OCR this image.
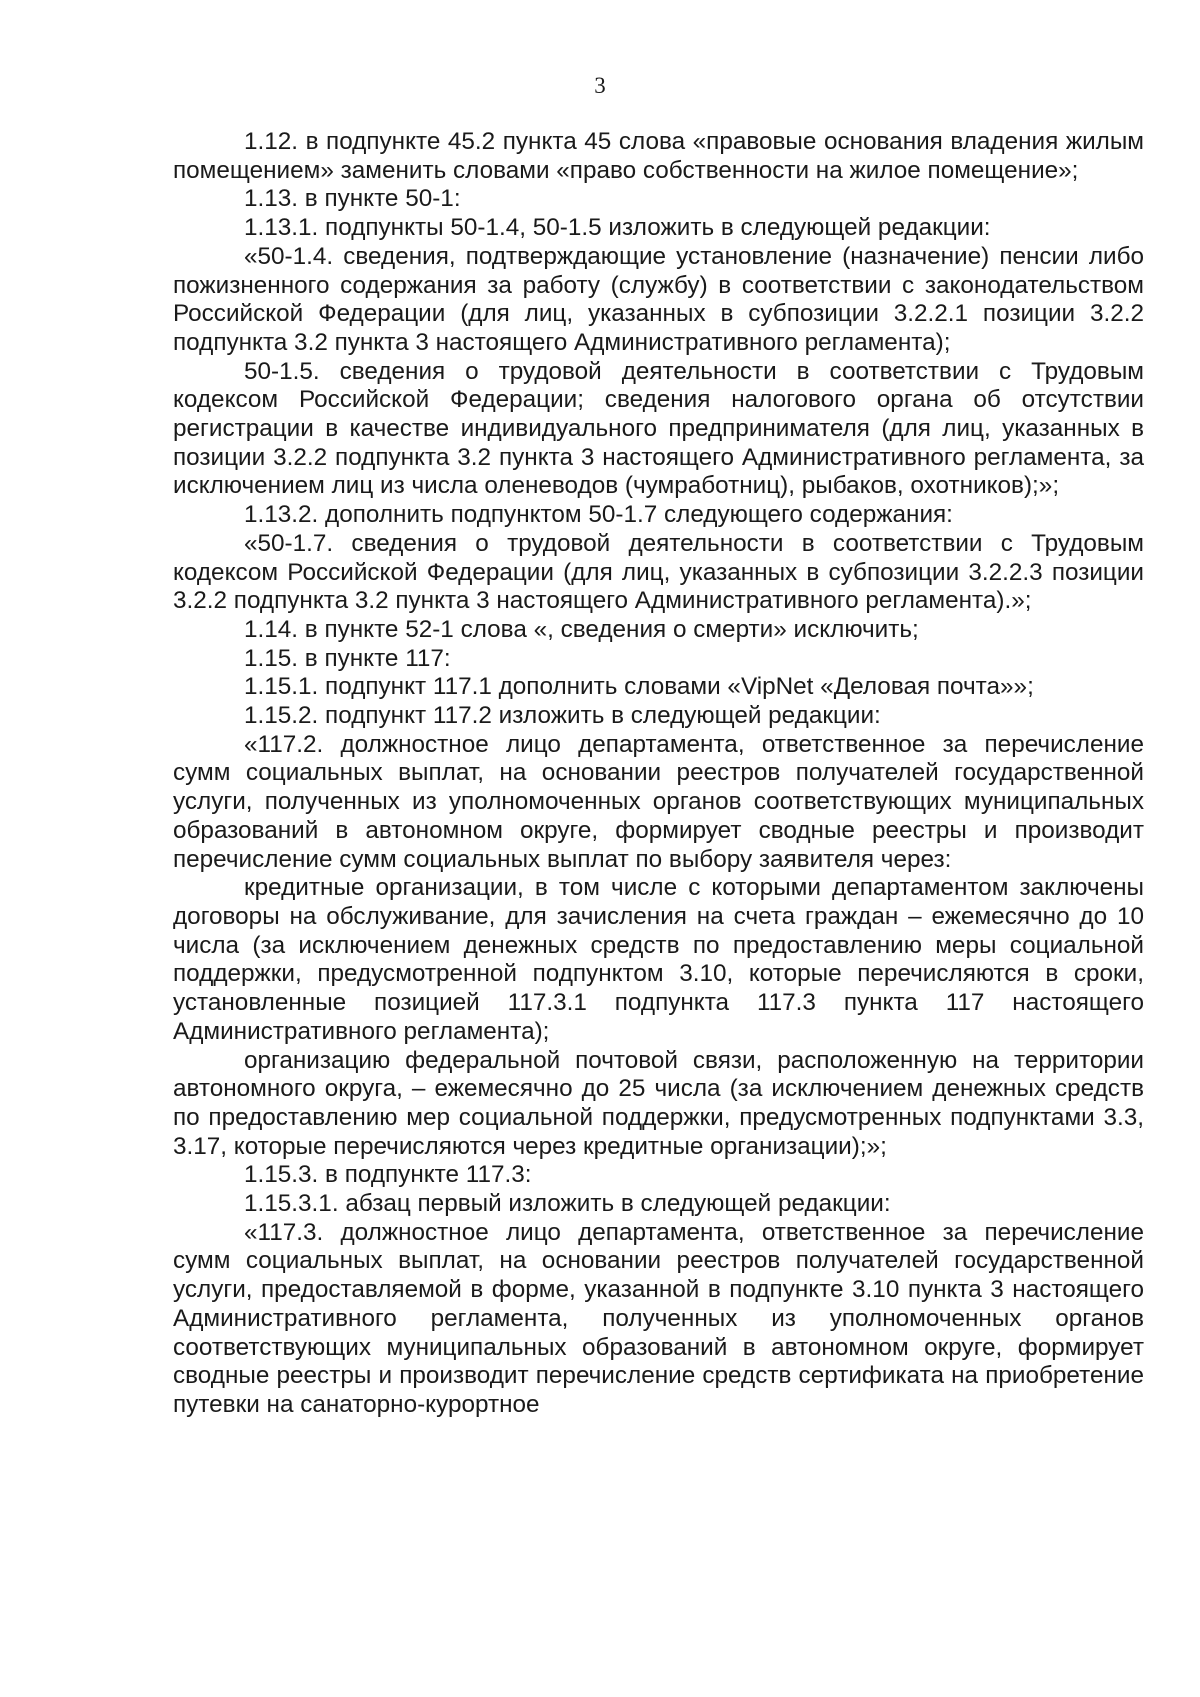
3

1.12. в подпункте 45.2 пункта 45 слова «правовые основания владения жилым помещением» заменить словами «право собственности на жилое помещение»;

1.13. в пункте 50-1:

1.13.1. подпункты 50-1.4, 50-1.5 изложить в следующей редакции:

«50-1.4. сведения, подтверждающие установление (назначение) пенсии либо пожизненного содержания за работу (службу) в соответствии с законодательством Российской Федерации (для лиц, указанных в субпозиции 3.2.2.1 позиции 3.2.2 подпункта 3.2 пункта 3 настоящего Административного регламента);

50-1.5. сведения о трудовой деятельности в соответствии с Трудовым кодексом Российской Федерации; сведения налогового органа об отсутствии регистрации в качестве индивидуального предпринимателя (для лиц, указанных в позиции 3.2.2 подпункта 3.2 пункта 3 настоящего Административного регламента, за исключением лиц из числа оленеводов (чумработниц), рыбаков, охотников);»;

1.13.2. дополнить подпунктом 50-1.7 следующего содержания:

«50-1.7. сведения о трудовой деятельности в соответствии с Трудовым кодексом Российской Федерации (для лиц, указанных в субпозиции 3.2.2.3 позиции 3.2.2 подпункта 3.2 пункта 3 настоящего Административного регламента).»;

1.14. в пункте 52-1 слова «, сведения о смерти» исключить;

1.15. в пункте 117:

1.15.1. подпункт 117.1 дополнить словами «VipNet «Деловая почта»»;

1.15.2. подпункт 117.2 изложить в следующей редакции:

«117.2. должностное лицо департамента, ответственное за перечисление сумм социальных выплат, на основании реестров получателей государственной услуги, полученных из уполномоченных органов соответствующих муниципальных образований в автономном округе, формирует сводные реестры и производит перечисление сумм социальных выплат по выбору заявителя через:

кредитные организации, в том числе с которыми департаментом заключены договоры на обслуживание, для зачисления на счета граждан – ежемесячно до 10 числа (за исключением денежных средств по предоставлению меры социальной поддержки, предусмотренной подпунктом 3.10, которые перечисляются в сроки, установленные позицией 117.3.1 подпункта 117.3 пункта 117 настоящего Административного регламента);

организацию федеральной почтовой связи, расположенную на территории автономного округа, – ежемесячно до 25 числа (за исключением денежных средств по предоставлению мер социальной поддержки, предусмотренных подпунктами 3.3, 3.17, которые перечисляются через кредитные организации);»;

1.15.3. в подпункте 117.3:

1.15.3.1. абзац первый изложить в следующей редакции:

«117.3. должностное лицо департамента, ответственное за перечисление сумм социальных выплат, на основании реестров получателей государственной услуги, предоставляемой в форме, указанной в подпункте 3.10 пункта 3 настоящего Административного регламента, полученных из уполномоченных органов соответствующих муниципальных образований в автономном округе, формирует сводные реестры и производит перечисление средств сертификата на приобретение путевки на санаторно-курортное
